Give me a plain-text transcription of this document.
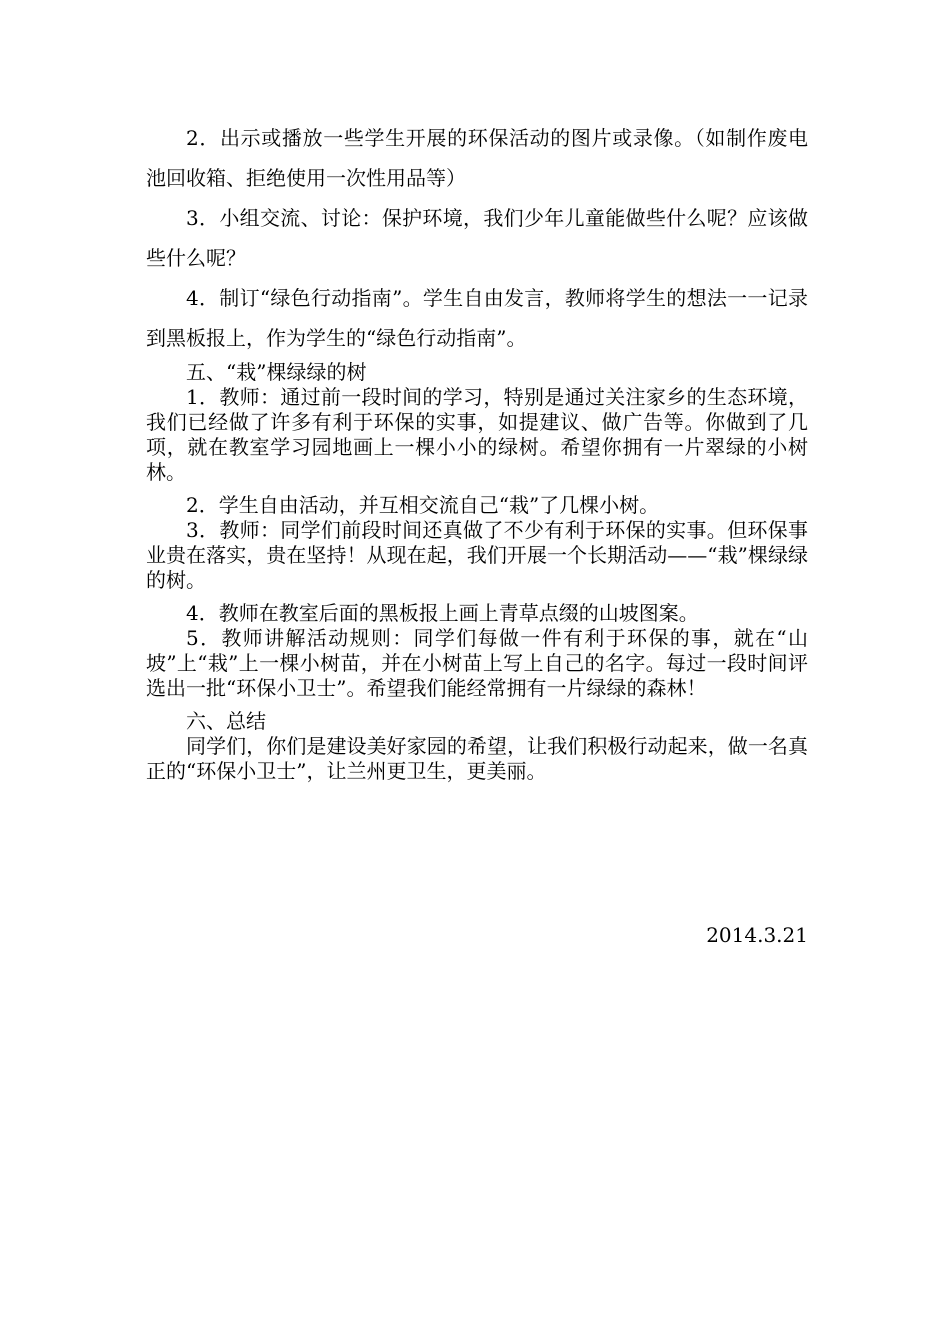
2．出示或播放一些学生开展的环保活动的图片或录像。（如制作废电池回收箱、拒绝使用一次性用品等）

3．小组交流、讨论：保护环境，我们少年儿童能做些什么呢？应该做些什么呢？

4．制订“绿色行动指南”。学生自由发言，教师将学生的想法一一记录到黑板报上，作为学生的“绿色行动指南”。

五、“栽”棵绿绿的树

1．教师：通过前一段时间的学习，特别是通过关注家乡的生态环境，我们已经做了许多有利于环保的实事，如提建议、做广告等。你做到了几项，就在教室学习园地画上一棵小小的绿树。希望你拥有一片翠绿的小树林。

2．学生自由活动，并互相交流自己“栽”了几棵小树。

3．教师：同学们前段时间还真做了不少有利于环保的实事。但环保事业贵在落实，贵在坚持！从现在起，我们开展一个长期活动——“栽”棵绿绿的树。

4．教师在教室后面的黑板报上画上青草点缀的山坡图案。

5．教师讲解活动规则：同学们每做一件有利于环保的事，就在“山坡”上“栽”上一棵小树苗，并在小树苗上写上自己的名字。每过一段时间评选出一批“环保小卫士”。希望我们能经常拥有一片绿绿的森林！

六、总结

同学们，你们是建设美好家园的希望，让我们积极行动起来，做一名真正的“环保小卫士”，让兰州更卫生，更美丽。

2014.3.21
